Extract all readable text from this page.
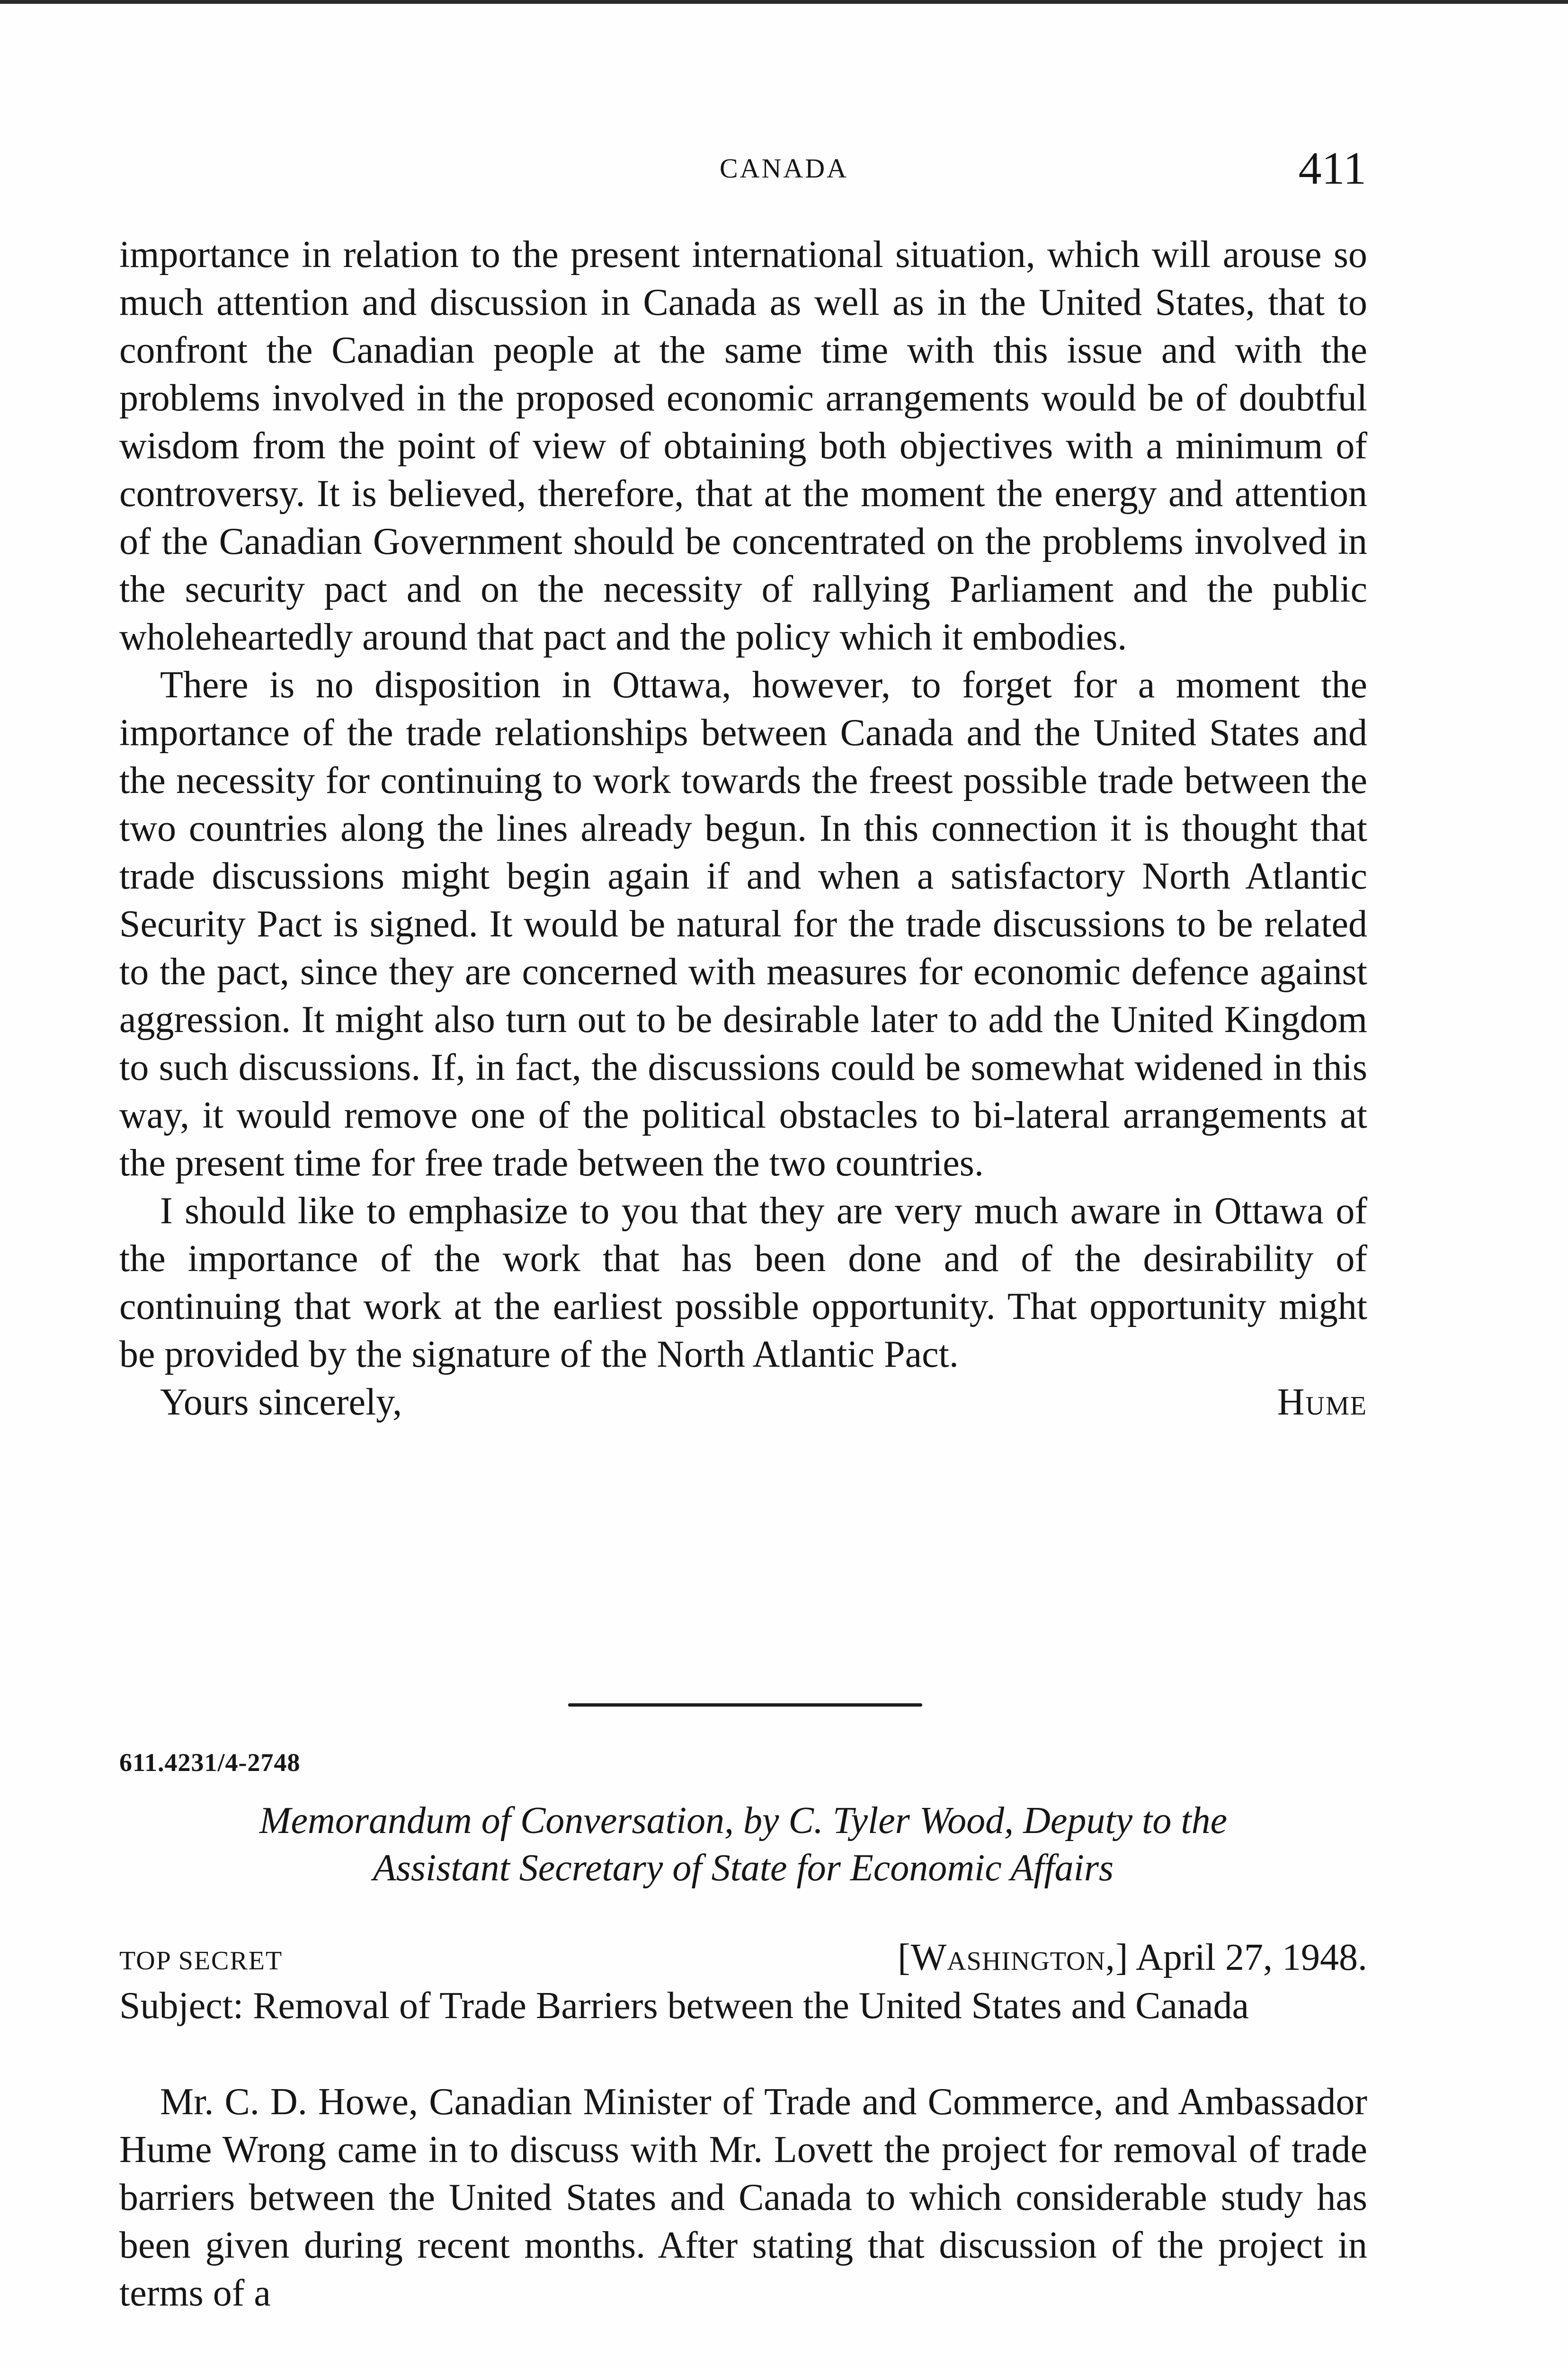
CANADA	411

importance in relation to the present international situation, which will arouse so much attention and discussion in Canada as well as in the United States, that to confront the Canadian people at the same time with this issue and with the problems involved in the proposed economic arrangements would be of doubtful wisdom from the point of view of obtaining both objectives with a minimum of controversy. It is believed, therefore, that at the moment the energy and attention of the Canadian Government should be concentrated on the problems involved in the security pact and on the necessity of rallying Parliament and the public wholeheartedly around that pact and the policy which it embodies.

There is no disposition in Ottawa, however, to forget for a moment the importance of the trade relationships between Canada and the United States and the necessity for continuing to work towards the freest possible trade between the two countries along the lines already begun. In this connection it is thought that trade discussions might begin again if and when a satisfactory North Atlantic Security Pact is signed. It would be natural for the trade discussions to be related to the pact, since they are concerned with measures for economic defence against aggression. It might also turn out to be desirable later to add the United Kingdom to such discussions. If, in fact, the discussions could be somewhat widened in this way, it would remove one of the political obstacles to bi-lateral arrangements at the present time for free trade between the two countries.

I should like to emphasize to you that they are very much aware in Ottawa of the importance of the work that has been done and of the desirability of continuing that work at the earliest possible opportunity. That opportunity might be provided by the signature of the North Atlantic Pact.

Yours sincerely,	Hume
611.4231/4-2748
Memorandum of Conversation, by C. Tyler Wood, Deputy to the
Assistant Secretary of State for Economic Affairs
TOP SECRET	[Washington,] April 27, 1948.
Subject: Removal of Trade Barriers between the United States and Canada

Mr. C. D. Howe, Canadian Minister of Trade and Commerce, and Ambassador Hume Wrong came in to discuss with Mr. Lovett the project for removal of trade barriers between the United States and Canada to which considerable study has been given during recent months. After stating that discussion of the project in terms of a
